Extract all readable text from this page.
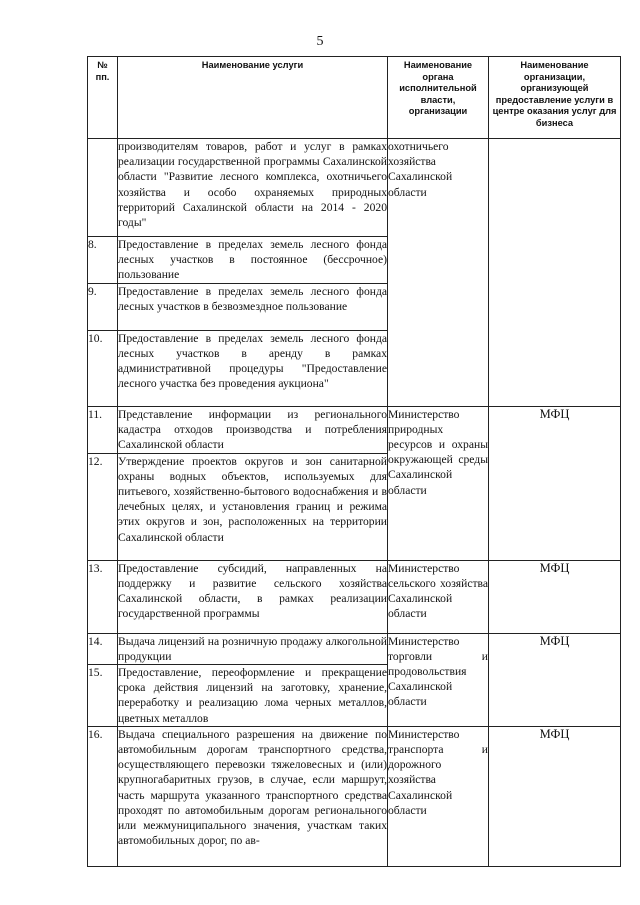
5
№ пп.	Наименование услуги	Наименование органа исполнительной власти, организации	Наименование организации, организующей предоставление услуги в центре оказания услуг для бизнеса

	производителям товаров, работ и услуг в рамках реализации государственной программы Сахалинской области "Развитие лесного комплекса, охотничьего хозяйства и особо охраняемых природных территорий Сахалинской области на 2014 - 2020 годы"	охотничьего хозяйства Сахалинской области	
8.	Предоставление в пределах земель лесного фонда лесных участков в постоянное (бессрочное) пользование		
9.	Предоставление в пределах земель лесного фонда лесных участков в безвозмездное пользование		
10.	Предоставление в пределах земель лесного фонда лесных участков в аренду в рамках административной процедуры "Предоставление лесного участка без проведения аукциона"		
11.	Представление информации из регионального кадастра отходов производства и потребления Сахалинской области	Министерство природных ресурсов и охраны окружающей среды Сахалинской области	МФЦ
12.	Утверждение проектов округов и зон санитарной охраны водных объектов, используемых для питьевого, хозяйственно-бытового водоснабжения и в лечебных целях, и установления границ и режима этих округов и зон, расположенных на территории Сахалинской области		
13.	Предоставление субсидий, направленных на поддержку и развитие сельского хозяйства Сахалинской области, в рамках реализации государственной программы	Министерство сельского хозяйства Сахалинской области	МФЦ
14.	Выдача лицензий на розничную продажу алкогольной продукции	Министерство торговли и продовольствия Сахалинской области	МФЦ
15.	Предоставление, переоформление и прекращение срока действия лицензий на заготовку, хранение, переработку и реализацию лома черных металлов, цветных металлов		
16.	Выдача специального разрешения на движение по автомобильным дорогам транспортного средства, осуществляющего перевозки тяжеловесных и (или) крупногабаритных грузов, в случае, если маршрут, часть маршрута указанного транспортного средства проходят по автомобильным дорогам регионального или межмуниципального значения, участкам таких автомобильных дорог, по ав-	Министерство транспорта и дорожного хозяйства Сахалинской области	МФЦ
